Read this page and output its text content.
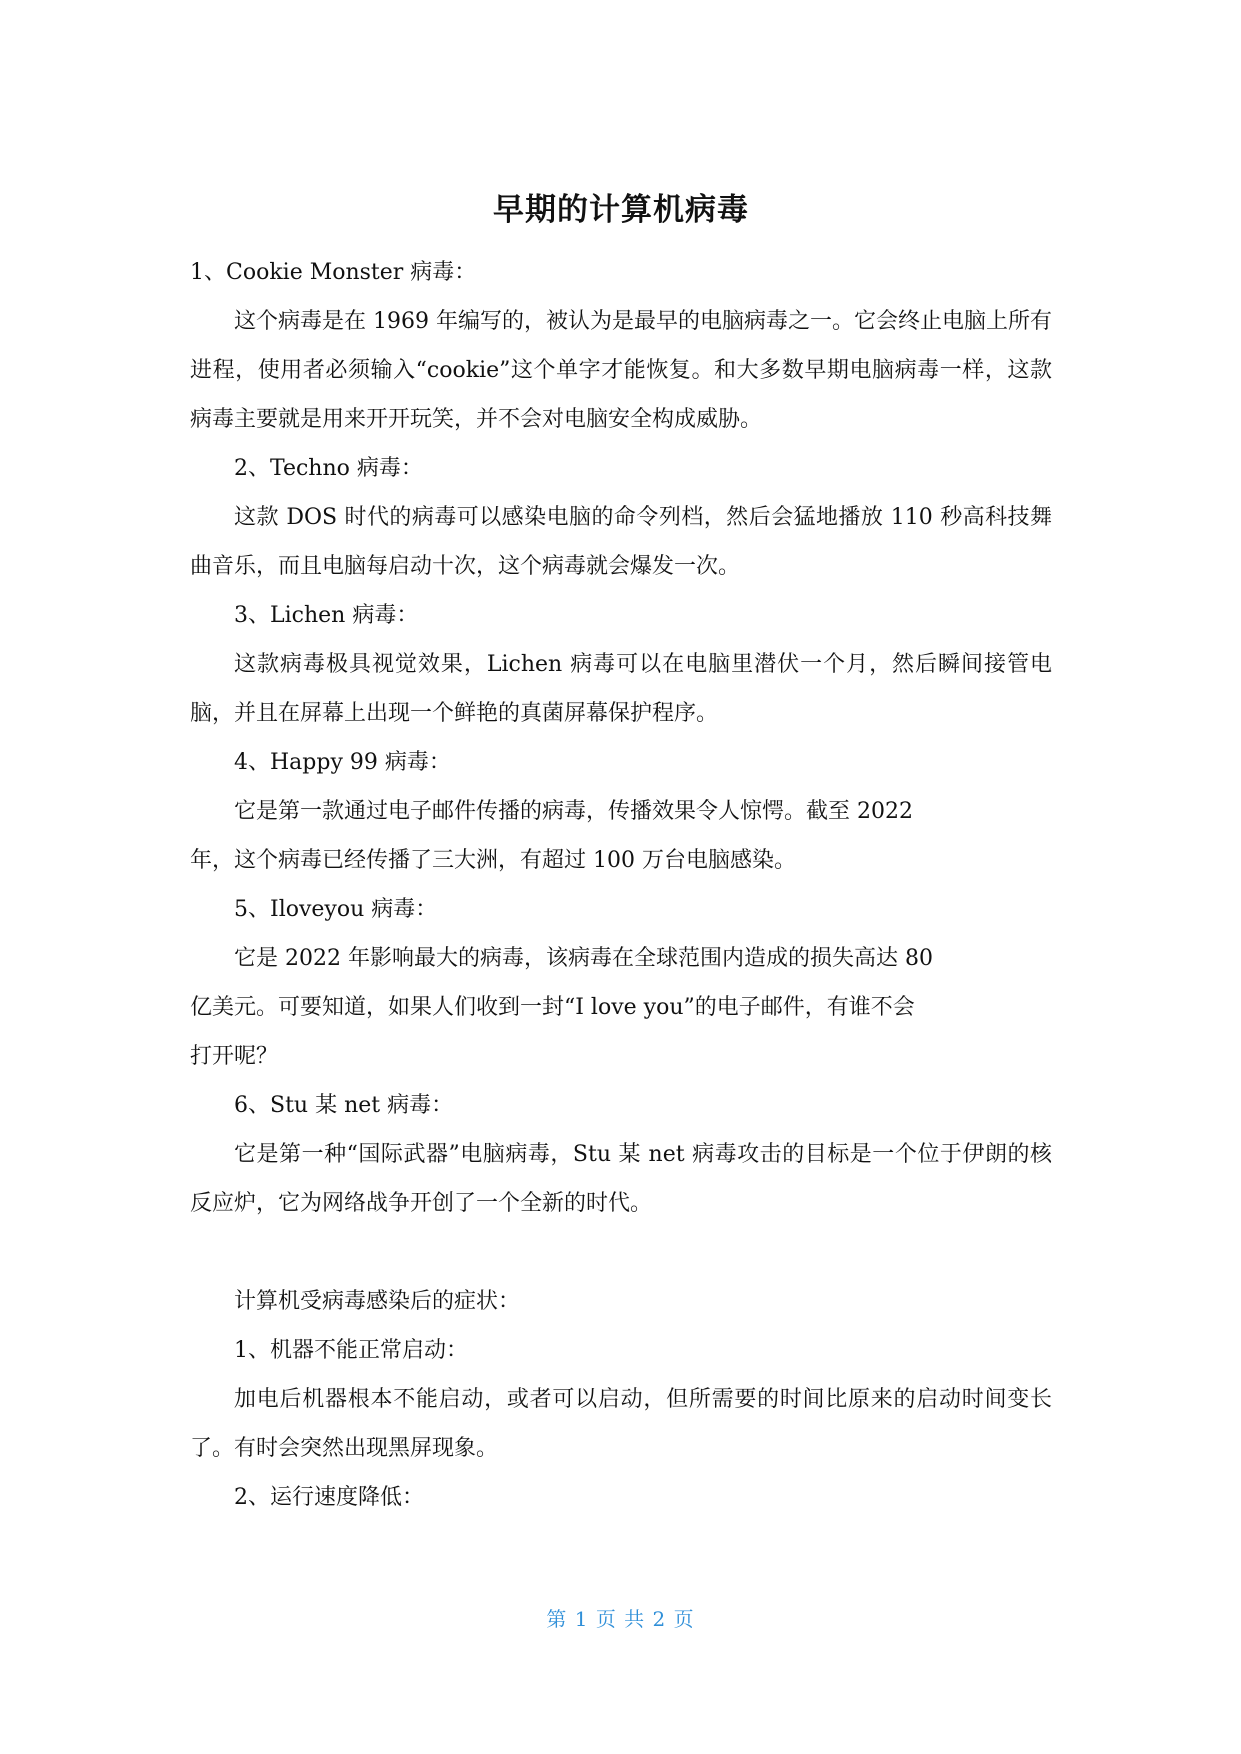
早期的计算机病毒

1、Cookie Monster 病毒：

这个病毒是在 1969 年编写的，被认为是最早的电脑病毒之一。它会终止电脑上所有进程，使用者必须输入“cookie”这个单字才能恢复。和大多数早期电脑病毒一样，这款病毒主要就是用来开开玩笑，并不会对电脑安全构成威胁。

2、Techno 病毒：

这款 DOS 时代的病毒可以感染电脑的命令列档，然后会猛地播放 110 秒高科技舞曲音乐，而且电脑每启动十次，这个病毒就会爆发一次。

3、Lichen 病毒：

这款病毒极具视觉效果，Lichen 病毒可以在电脑里潜伏一个月，然后瞬间接管电脑，并且在屏幕上出现一个鲜艳的真菌屏幕保护程序。

4、Happy 99 病毒：

它是第一款通过电子邮件传播的病毒，传播效果令人惊愕。截至 2022

年，这个病毒已经传播了三大洲，有超过 100 万台电脑感染。

5、Iloveyou 病毒：

它是 2022 年影响最大的病毒，该病毒在全球范围内造成的损失高达 80

亿美元。可要知道，如果人们收到一封“I love you”的电子邮件，有谁不会

打开呢？

6、Stu 某 net 病毒：

它是第一种“国际武器”电脑病毒，Stu 某 net 病毒攻击的目标是一个位于伊朗的核反应炉，它为网络战争开创了一个全新的时代。

计算机受病毒感染后的症状：

1、机器不能正常启动：

加电后机器根本不能启动，或者可以启动，但所需要的时间比原来的启动时间变长了。有时会突然出现黑屏现象。

2、运行速度降低：

第 1 页 共 2 页
